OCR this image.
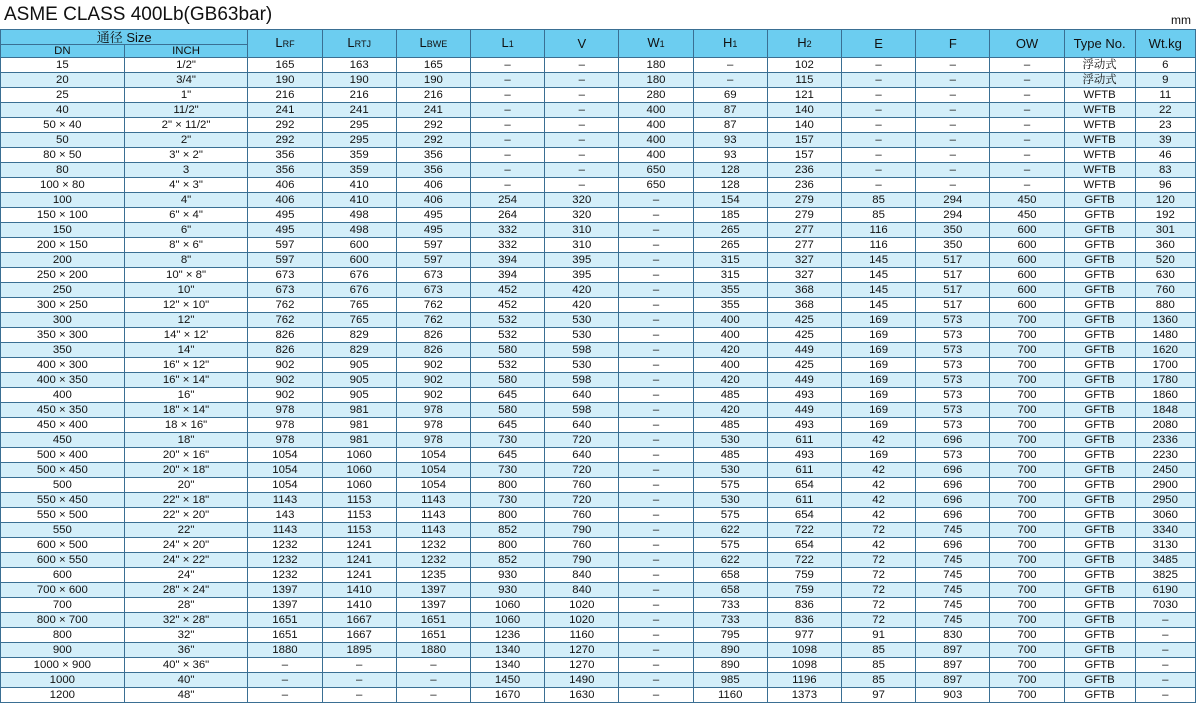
ASME CLASS 400Lb(GB63bar)	mm
通径 Size		LRF	LRTJ	LBWE	L1	V	W1	H1	H2	E	F	OW	Type No.	Wt.kg
DN	INCH													
15	1/2"	165	163	165	–	–	180	–	102	–	–	–	浮动式	6
20	3/4"	190	190	190	–	–	180	–	115	–	–	–	浮动式	9
25	1"	216	216	216	–	–	280	69	121	–	–	–	WFTB	11
40	11/2"	241	241	241	–	–	400	87	140	–	–	–	WFTB	22
50 × 40	2" × 11/2"	292	295	292	–	–	400	87	140	–	–	–	WFTB	23
50	2"	292	295	292	–	–	400	93	157	–	–	–	WFTB	39
80 × 50	3" × 2"	356	359	356	–	–	400	93	157	–	–	–	WFTB	46
80	3	356	359	356	–	–	650	128	236	–	–	–	WFTB	83
100 × 80	4" × 3"	406	410	406	–	–	650	128	236	–	–	–	WFTB	96
100	4"	406	410	406	254	320	–	154	279	85	294	450	GFTB	120
150 × 100	6" × 4"	495	498	495	264	320	–	185	279	85	294	450	GFTB	192
150	6"	495	498	495	332	310	–	265	277	116	350	600	GFTB	301
200 × 150	8" × 6"	597	600	597	332	310	–	265	277	116	350	600	GFTB	360
200	8"	597	600	597	394	395	–	315	327	145	517	600	GFTB	520
250 × 200	10" × 8"	673	676	673	394	395	–	315	327	145	517	600	GFTB	630
250	10"	673	676	673	452	420	–	355	368	145	517	600	GFTB	760
300 × 250	12" × 10"	762	765	762	452	420	–	355	368	145	517	600	GFTB	880
300	12"	762	765	762	532	530	–	400	425	169	573	700	GFTB	1360
350 × 300	14" × 12'	826	829	826	532	530	–	400	425	169	573	700	GFTB	1480
350	14"	826	829	826	580	598	–	420	449	169	573	700	GFTB	1620
400 × 300	16" × 12"	902	905	902	532	530	–	400	425	169	573	700	GFTB	1700
400 × 350	16" × 14"	902	905	902	580	598	–	420	449	169	573	700	GFTB	1780
400	16"	902	905	902	645	640	–	485	493	169	573	700	GFTB	1860
450 × 350	18" × 14"	978	981	978	580	598	–	420	449	169	573	700	GFTB	1848
450 × 400	18 × 16"	978	981	978	645	640	–	485	493	169	573	700	GFTB	2080
450	18"	978	981	978	730	720	–	530	611	42	696	700	GFTB	2336
500 × 400	20" × 16"	1054	1060	1054	645	640	–	485	493	169	573	700	GFTB	2230
500 × 450	20" × 18"	1054	1060	1054	730	720	–	530	611	42	696	700	GFTB	2450
500	20"	1054	1060	1054	800	760	–	575	654	42	696	700	GFTB	2900
550 × 450	22" × 18"	1143	1153	1143	730	720	–	530	611	42	696	700	GFTB	2950
550 × 500	22" × 20"	143	1153	1143	800	760	–	575	654	42	696	700	GFTB	3060
550	22"	1143	1153	1143	852	790	–	622	722	72	745	700	GFTB	3340
600 × 500	24" × 20"	1232	1241	1232	800	760	–	575	654	42	696	700	GFTB	3130
600 × 550	24" × 22"	1232	1241	1232	852	790	–	622	722	72	745	700	GFTB	3485
600	24"	1232	1241	1235	930	840	–	658	759	72	745	700	GFTB	3825
700 × 600	28" × 24"	1397	1410	1397	930	840	–	658	759	72	745	700	GFTB	6190
700	28"	1397	1410	1397	1060	1020	–	733	836	72	745	700	GFTB	7030
800 × 700	32" × 28"	1651	1667	1651	1060	1020	–	733	836	72	745	700	GFTB	–
800	32"	1651	1667	1651	1236	1160	–	795	977	91	830	700	GFTB	–
900	36"	1880	1895	1880	1340	1270	–	890	1098	85	897	700	GFTB	–
1000 × 900	40" × 36"	–	–	–	1340	1270	–	890	1098	85	897	700	GFTB	–
1000	40"	–	–	–	1450	1490	–	985	1196	85	897	700	GFTB	–
1200	48"	–	–	–	1670	1630	–	1160	1373	97	903	700	GFTB	–
